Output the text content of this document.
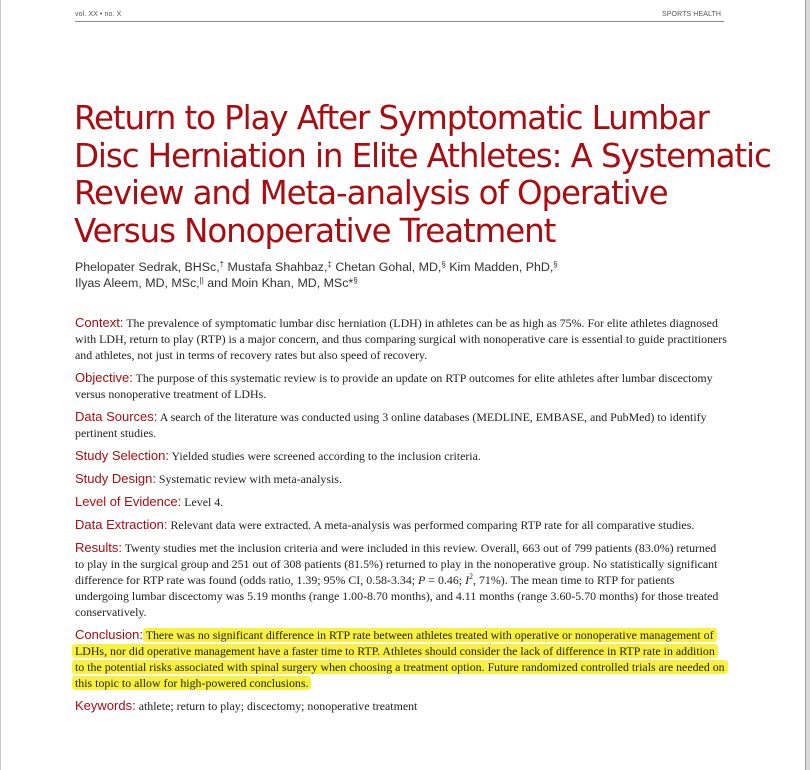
vol. XX • no. X	SPORTS HEALTH
Return to Play After Symptomatic Lumbar Disc Herniation in Elite Athletes: A Systematic Review and Meta-analysis of Operative Versus Nonoperative Treatment
Phelopater Sedrak, BHSc,† Mustafa Shahbaz,‡ Chetan Gohal, MD,§ Kim Madden, PhD,§
Ilyas Aleem, MD, MSc,|| and Moin Khan, MD, MSc*§

Context: The prevalence of symptomatic lumbar disc herniation (LDH) in athletes can be as high as 75%. For elite athletes diagnosed with LDH, return to play (RTP) is a major concern, and thus comparing surgical with nonoperative care is essential to guide practitioners and athletes, not just in terms of recovery rates but also speed of recovery.

Objective: The purpose of this systematic review is to provide an update on RTP outcomes for elite athletes after lumbar discectomy versus nonoperative treatment of LDHs.

Data Sources: A search of the literature was conducted using 3 online databases (MEDLINE, EMBASE, and PubMed) to identify pertinent studies.

Study Selection: Yielded studies were screened according to the inclusion criteria.

Study Design: Systematic review with meta-analysis.

Level of Evidence: Level 4.

Data Extraction: Relevant data were extracted. A meta-analysis was performed comparing RTP rate for all comparative studies.

Results: Twenty studies met the inclusion criteria and were included in this review. Overall, 663 out of 799 patients (83.0%) returned to play in the surgical group and 251 out of 308 patients (81.5%) returned to play in the nonoperative group. No statistically significant difference for RTP rate was found (odds ratio, 1.39; 95% CI, 0.58-3.34; P = 0.46; $I^2$, 71%). The mean time to RTP for patients undergoing lumbar discectomy was 5.19 months (range 1.00-8.70 months), and 4.11 months (range 3.60-5.70 months) for those treated conservatively.

Conclusion: There was no significant difference in RTP rate between athletes treated with operative or nonoperative management of LDHs, nor did operative management have a faster time to RTP. Athletes should consider the lack of difference in RTP rate in addition to the potential risks associated with spinal surgery when choosing a treatment option. Future randomized controlled trials are needed on this topic to allow for high-powered conclusions.

Keywords: athlete; return to play; discectomy; nonoperative treatment
